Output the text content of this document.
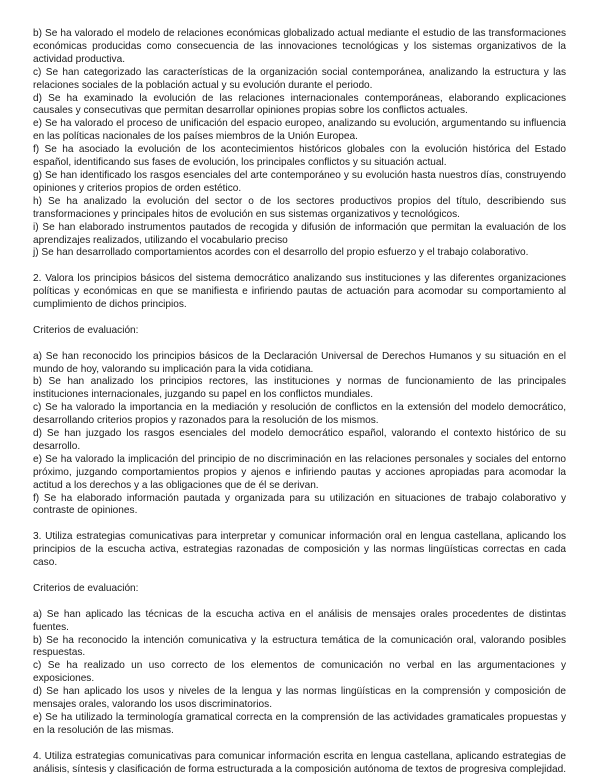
b) Se ha valorado el modelo de relaciones económicas globalizado actual mediante el estudio de las transformaciones económicas producidas como consecuencia de las innovaciones tecnológicas y los sistemas organizativos de la actividad productiva.

c) Se han categorizado las características de la organización social contemporánea, analizando la estructura y las relaciones sociales de la población actual y su evolución durante el periodo.

d) Se ha examinado la evolución de las relaciones internacionales contemporáneas, elaborando explicaciones causales y consecutivas que permitan desarrollar opiniones propias sobre los conflictos actuales.

e) Se ha valorado el proceso de unificación del espacio europeo, analizando su evolución, argumentando su influencia en las políticas nacionales de los países miembros de la Unión Europea.

f) Se ha asociado la evolución de los acontecimientos históricos globales con la evolución histórica del Estado español, identificando sus fases de evolución, los principales conflictos y su situación actual.

g) Se han identificado los rasgos esenciales del arte contemporáneo y su evolución hasta nuestros días, construyendo opiniones y criterios propios de orden estético.

h) Se ha analizado la evolución del sector o de los sectores productivos propios del título, describiendo sus transformaciones y principales hitos de evolución en sus sistemas organizativos y tecnológicos.

i) Se han elaborado instrumentos pautados de recogida y difusión de información que permitan la evaluación de los aprendizajes realizados, utilizando el vocabulario preciso

j) Se han desarrollado comportamientos acordes con el desarrollo del propio esfuerzo y el trabajo colaborativo.

2. Valora los principios básicos del sistema democrático analizando sus instituciones y las diferentes organizaciones políticas y económicas en que se manifiesta e infiriendo pautas de actuación para acomodar su comportamiento al cumplimiento de dichos principios.

Criterios de evaluación:

a) Se han reconocido los principios básicos de la Declaración Universal de Derechos Humanos y su situación en el mundo de hoy, valorando su implicación para la vida cotidiana.

b) Se han analizado los principios rectores, las instituciones y normas de funcionamiento de las principales instituciones internacionales, juzgando su papel en los conflictos mundiales.

c) Se ha valorado la importancia en la mediación y resolución de conflictos en la extensión del modelo democrático, desarrollando criterios propios y razonados para la resolución de los mismos.

d) Se han juzgado los rasgos esenciales del modelo democrático español, valorando el contexto histórico de su desarrollo.

e) Se ha valorado la implicación del principio de no discriminación en las relaciones personales y sociales del entorno próximo, juzgando comportamientos propios y ajenos e infiriendo pautas y acciones apropiadas para acomodar la actitud a los derechos y a las obligaciones que de él se derivan.

f) Se ha elaborado información pautada y organizada para su utilización en situaciones de trabajo colaborativo y contraste de opiniones.

3. Utiliza estrategias comunicativas para interpretar y comunicar información oral en lengua castellana, aplicando los principios de la escucha activa, estrategias razonadas de composición y las normas lingüísticas correctas en cada caso.

Criterios de evaluación:

a) Se han aplicado las técnicas de la escucha activa en el análisis de mensajes orales procedentes de distintas fuentes.

b) Se ha reconocido la intención comunicativa y la estructura temática de la comunicación oral, valorando posibles respuestas.

c) Se ha realizado un uso correcto de los elementos de comunicación no verbal en las argumentaciones y exposiciones.

d) Se han aplicado los usos y niveles de la lengua y las normas lingüísticas en la comprensión y composición de mensajes orales, valorando los usos discriminatorios.

e) Se ha utilizado la terminología gramatical correcta en la comprensión de las actividades gramaticales propuestas y en la resolución de las mismas.

4. Utiliza estrategias comunicativas para comunicar información escrita en lengua castellana, aplicando estrategias de análisis, síntesis y clasificación de forma estructurada a la composición autónoma de textos de progresiva complejidad.
